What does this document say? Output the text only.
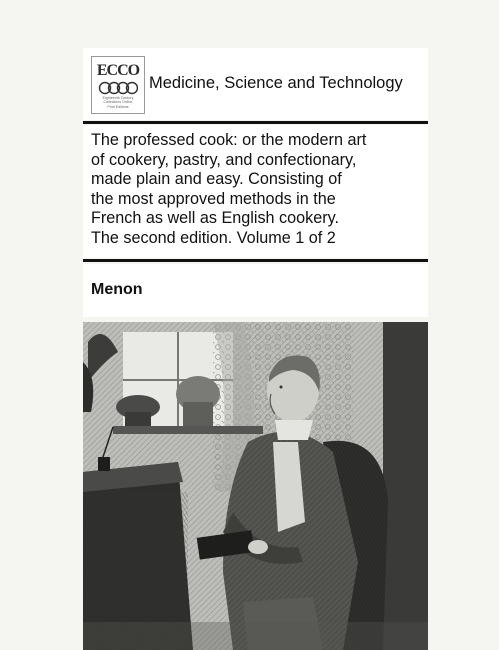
ECCO
Eighteenth Century
Collections Online
Print Editions
Medicine, Science and Technology
The professed cook: or the modern art
of cookery, pastry, and confectionary,
made plain and easy. Consisting of
the most approved methods in the
French as well as English cookery.
The second edition. Volume 1 of 2
Menon
